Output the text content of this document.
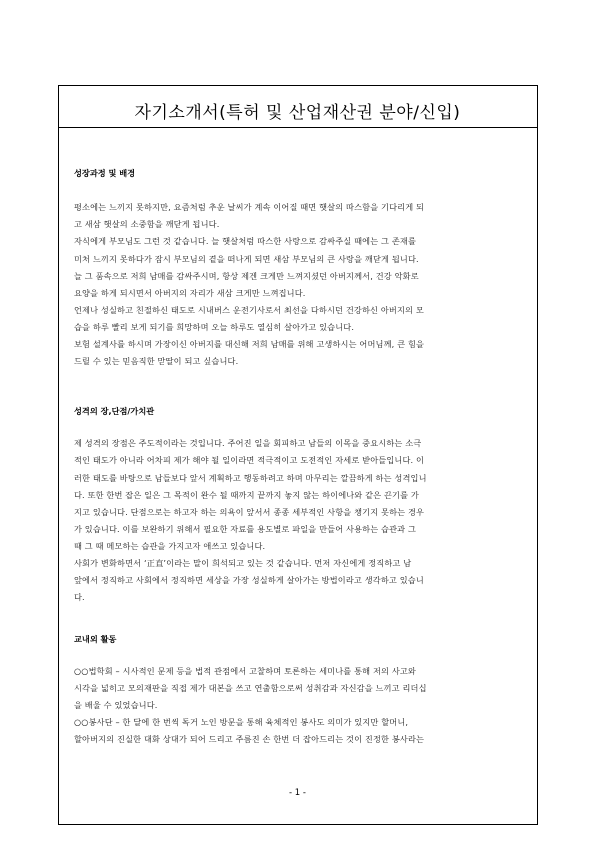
자기소개서(특허 및 산업재산권 분야/신입)
성장과정 및 배경
평소에는 느끼지 못하지만, 요즘처럼 추운 날씨가 계속 이어질 때면 햇살의 따스함을 기다리게 되
고 새삼 햇살의 소중함을 깨닫게 됩니다.
자식에게 부모님도 그런 것 같습니다. 늘 햇살처럼 따스한 사랑으로 감싸주실 때에는 그 존재를
미처 느끼지 못하다가 잠시 부모님의 곁을 떠나게 되면 새삼 부모님의 큰 사랑을 깨닫게 됩니다.
늘 그 품속으로 저희 남매를 감싸주시며, 항상 제겐 크게만 느껴지셨던 아버지께서, 건강 악화로
요양을 하게 되시면서 아버지의 자리가 새삼 크게만 느껴집니다.
언제나 성실하고 친절하신 태도로 시내버스 운전기사로서 최선을 다하시던 건강하신 아버지의 모
습을 하루 빨리 보게 되기를 희망하며 오늘 하루도 열심히 살아가고 있습니다.
보험 설계사를 하시며 가장이신 아버지를 대신해 저희 남매를 위해 고생하시는 어머님께, 큰 힘을
드릴 수 있는 믿음직한 맏딸이 되고 싶습니다.
성격의 장,단점/가치관
제 성격의 장점은 주도적이라는 것입니다. 주어진 일을 회피하고 남들의 이목을 중요시하는 소극
적인 태도가 아니라 어차피 제가 해야 될 일이라면 적극적이고 도전적인 자세로 받아들입니다. 이
러한 태도를 바탕으로 남들보다 앞서 계획하고 행동하려고 하며 마무리는 깔끔하게 하는 성격입니
다. 또한 한번 잡은 일은 그 목적이 완수 될 때까지 끝까지 놓지 않는 하이에나와 같은 끈기를 가
지고 있습니다. 단점으로는 하고자 하는 의욕이 앞서서 종종 세부적인 사항을 챙기지 못하는 경우
가 있습니다. 이를 보완하기 위해서 필요한 자료를 용도별로 파일을 만들어 사용하는 습관과 그
때 그 때 메모하는 습관을 가지고자 애쓰고 있습니다.
사회가 변화하면서 ‘正直’이라는 말이 희석되고 있는 것 같습니다. 먼저 자신에게 정직하고 남
앞에서 정직하고 사회에서 정직하면 세상을 가장 성실하게 살아가는 방법이라고 생각하고 있습니
다.
교내외 활동
○○법학회 – 시사적인 문제 등을 법적 관점에서 고찰하며 토론하는 세미나를 통해 저의 사고와
시각을 넓히고 모의재판을 직접 제가 대본을 쓰고 연출함으로써 성취감과 자신감을 느끼고 리더십
을 배울 수 있었습니다.
○○봉사단 – 한 달에 한 번씩 독거 노인 방문을 통해 육체적인 봉사도 의미가 있지만 할머니,
할아버지의 진실한 대화 상대가 되어 드리고 주름진 손 한번 더 잡아드리는 것이 진정한 봉사라는
- 1 -
